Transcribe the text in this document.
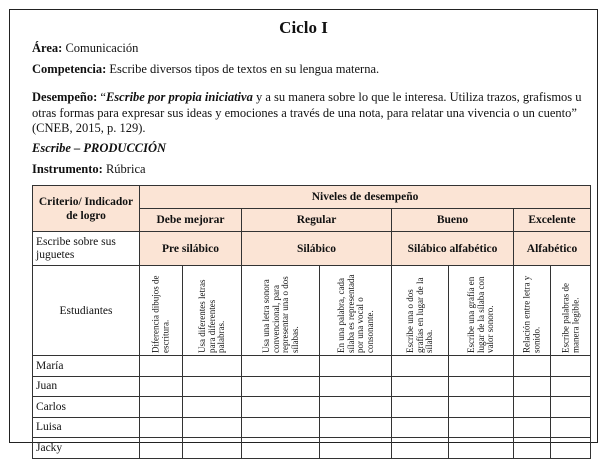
Ciclo I
Área: Comunicación
Competencia: Escribe diversos tipos de textos en su lengua materna.
Desempeño: “Escribe por propia iniciativa y a su manera sobre lo que le interesa. Utiliza trazos, grafismos u otras formas para expresar sus ideas y emociones a través de una nota, para relatar una vivencia o un cuento” (CNEB, 2015, p. 129).
Escribe – PRODUCCIÓN
Instrumento: Rúbrica
Criterio/ Indicador de logro	Niveles de desempeño							
	Debe mejorar		Regular		Bueno		Excelente	
Escribe sobre sus juguetes	Pre silábico		Silábico		Silábico alfabético		Alfabético	
Estudiantes	Diferencia dibujos de escritura.	Usa diferentes letras para diferentes palabras.	Usa una letra sonora convencional, para representar una o dos sílabas.	En una palabra, cada sílaba es representada por una vocal o consonante.	Escribe una o dos grafías en lugar de la sílaba.	Escribe una grafía en lugar de la sílaba con valor sonoro.	Relación entre letra y sonido.	Escribe palabras de manera legible.

María								
Juan								
Carlos								
Luisa								
Jacky								
